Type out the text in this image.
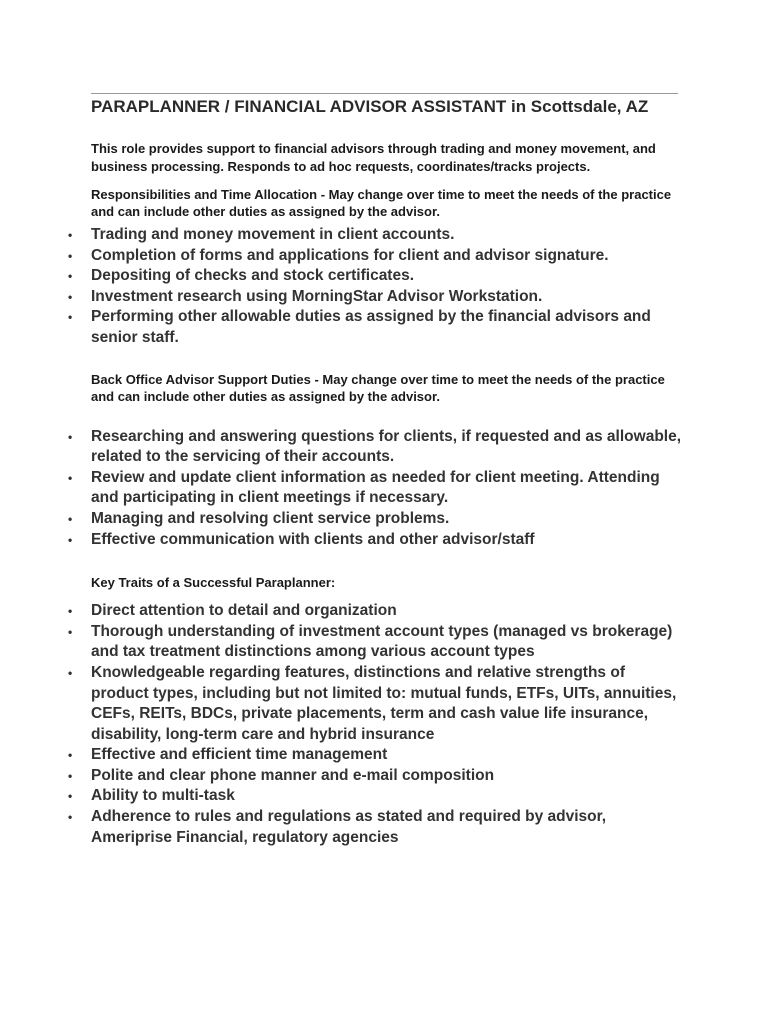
PARAPLANNER / FINANCIAL ADVISOR ASSISTANT in Scottsdale, AZ

This role provides support to financial advisors through trading and money movement, and business processing. Responds to ad hoc requests, coordinates/tracks projects.

Responsibilities and Time Allocation - May change over time to meet the needs of the practice and can include other duties as assigned by the advisor.

• Trading and money movement in client accounts.
• Completion of forms and applications for client and advisor signature.
• Depositing of checks and stock certificates.
• Investment research using MorningStar Advisor Workstation.
• Performing other allowable duties as assigned by the financial advisors and senior staff.

Back Office Advisor Support Duties - May change over time to meet the needs of the practice and can include other duties as assigned by the advisor.

• Researching and answering questions for clients, if requested and as allowable, related to the servicing of their accounts.
• Review and update client information as needed for client meeting. Attending and participating in client meetings if necessary.
• Managing and resolving client service problems.
• Effective communication with clients and other advisor/staff

Key Traits of a Successful Paraplanner:

• Direct attention to detail and organization
• Thorough understanding of investment account types (managed vs brokerage) and tax treatment distinctions among various account types
• Knowledgeable regarding features, distinctions and relative strengths of product types, including but not limited to: mutual funds, ETFs, UITs, annuities, CEFs, REITs, BDCs, private placements, term and cash value life insurance, disability, long-term care and hybrid insurance
• Effective and efficient time management
• Polite and clear phone manner and e-mail composition
• Ability to multi-task
• Adherence to rules and regulations as stated and required by advisor, Ameriprise Financial, regulatory agencies
